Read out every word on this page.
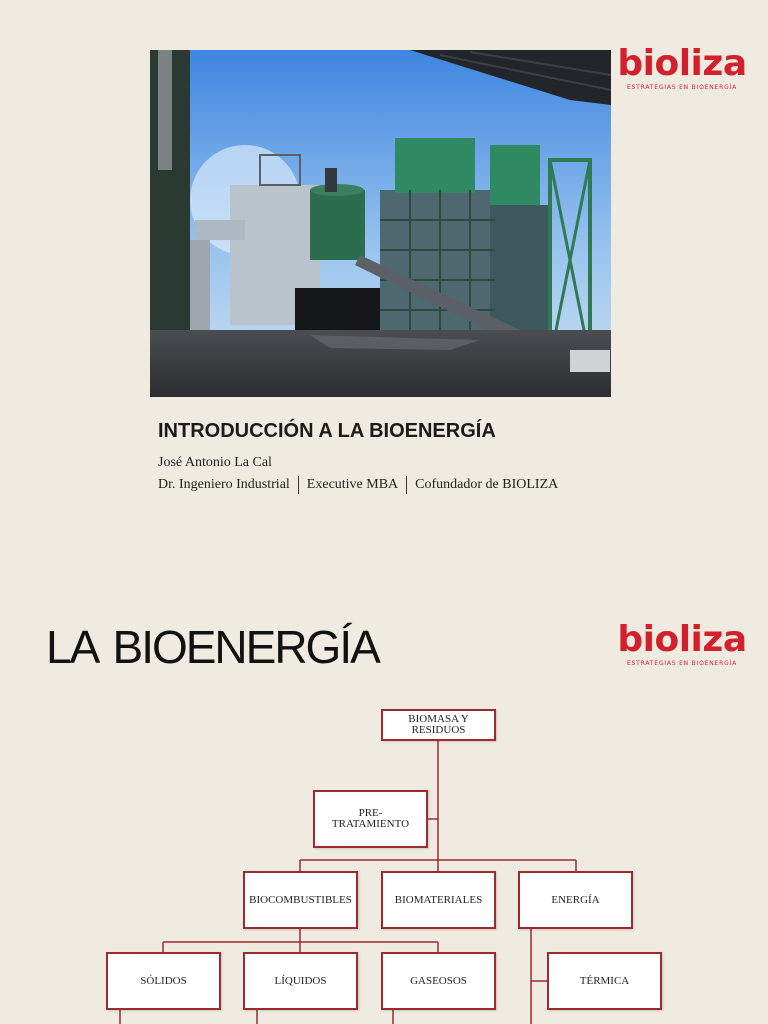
bioliza
ESTRATEGIAS EN BIOENERGÍA
INTRODUCCIÓN A LA BIOENERGÍA
José Antonio La Cal
Dr. Ingeniero Industrial Executive MBA Cofundador de BIOLIZA
LA BIOENERGÍA	bioliza
ESTRATEGIAS EN BIOENERGÍA
BIOMASA Y RESIDUOS
PRE-TRATAMIENTO
BIOCOMBUSTIBLES	BIOMATERIALES	ENERGÍA
SÓLIDOS	LÍQUIDOS	GASEOSOS	TÉRMICA
